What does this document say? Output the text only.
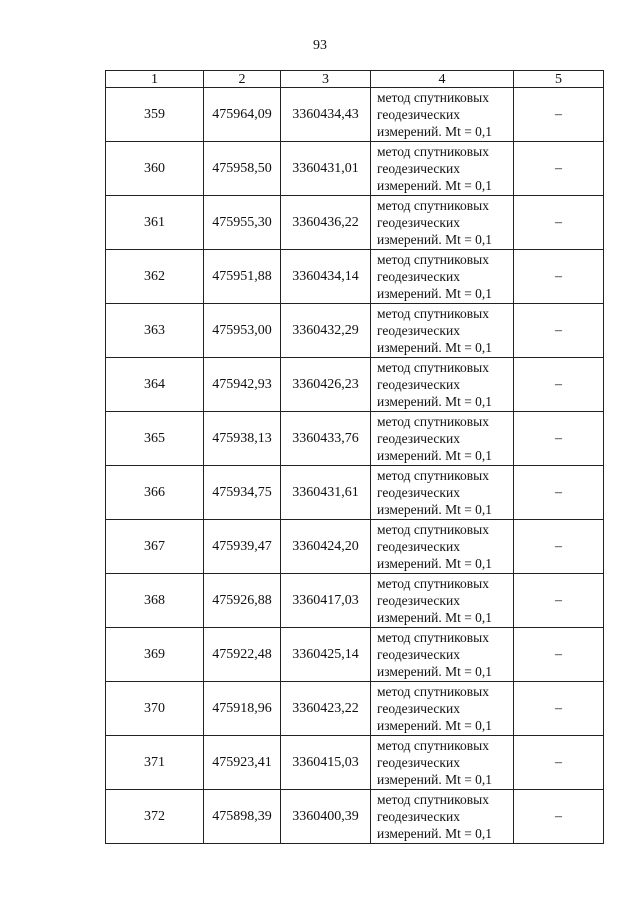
93
1	2	3	4	5
359	475964,09	3360434,43	метод спутниковых геодезических измерений. Mt = 0,1	–
360	475958,50	3360431,01	метод спутниковых геодезических измерений. Mt = 0,1	–
361	475955,30	3360436,22	метод спутниковых геодезических измерений. Mt = 0,1	–
362	475951,88	3360434,14	метод спутниковых геодезических измерений. Mt = 0,1	–
363	475953,00	3360432,29	метод спутниковых геодезических измерений. Mt = 0,1	–
364	475942,93	3360426,23	метод спутниковых геодезических измерений. Mt = 0,1	–
365	475938,13	3360433,76	метод спутниковых геодезических измерений. Mt = 0,1	–
366	475934,75	3360431,61	метод спутниковых геодезических измерений. Mt = 0,1	–
367	475939,47	3360424,20	метод спутниковых геодезических измерений. Mt = 0,1	–
368	475926,88	3360417,03	метод спутниковых геодезических измерений. Mt = 0,1	–
369	475922,48	3360425,14	метод спутниковых геодезических измерений. Mt = 0,1	–
370	475918,96	3360423,22	метод спутниковых геодезических измерений. Mt = 0,1	–
371	475923,41	3360415,03	метод спутниковых геодезических измерений. Mt = 0,1	–
372	475898,39	3360400,39	метод спутниковых геодезических измерений. Mt = 0,1	–
